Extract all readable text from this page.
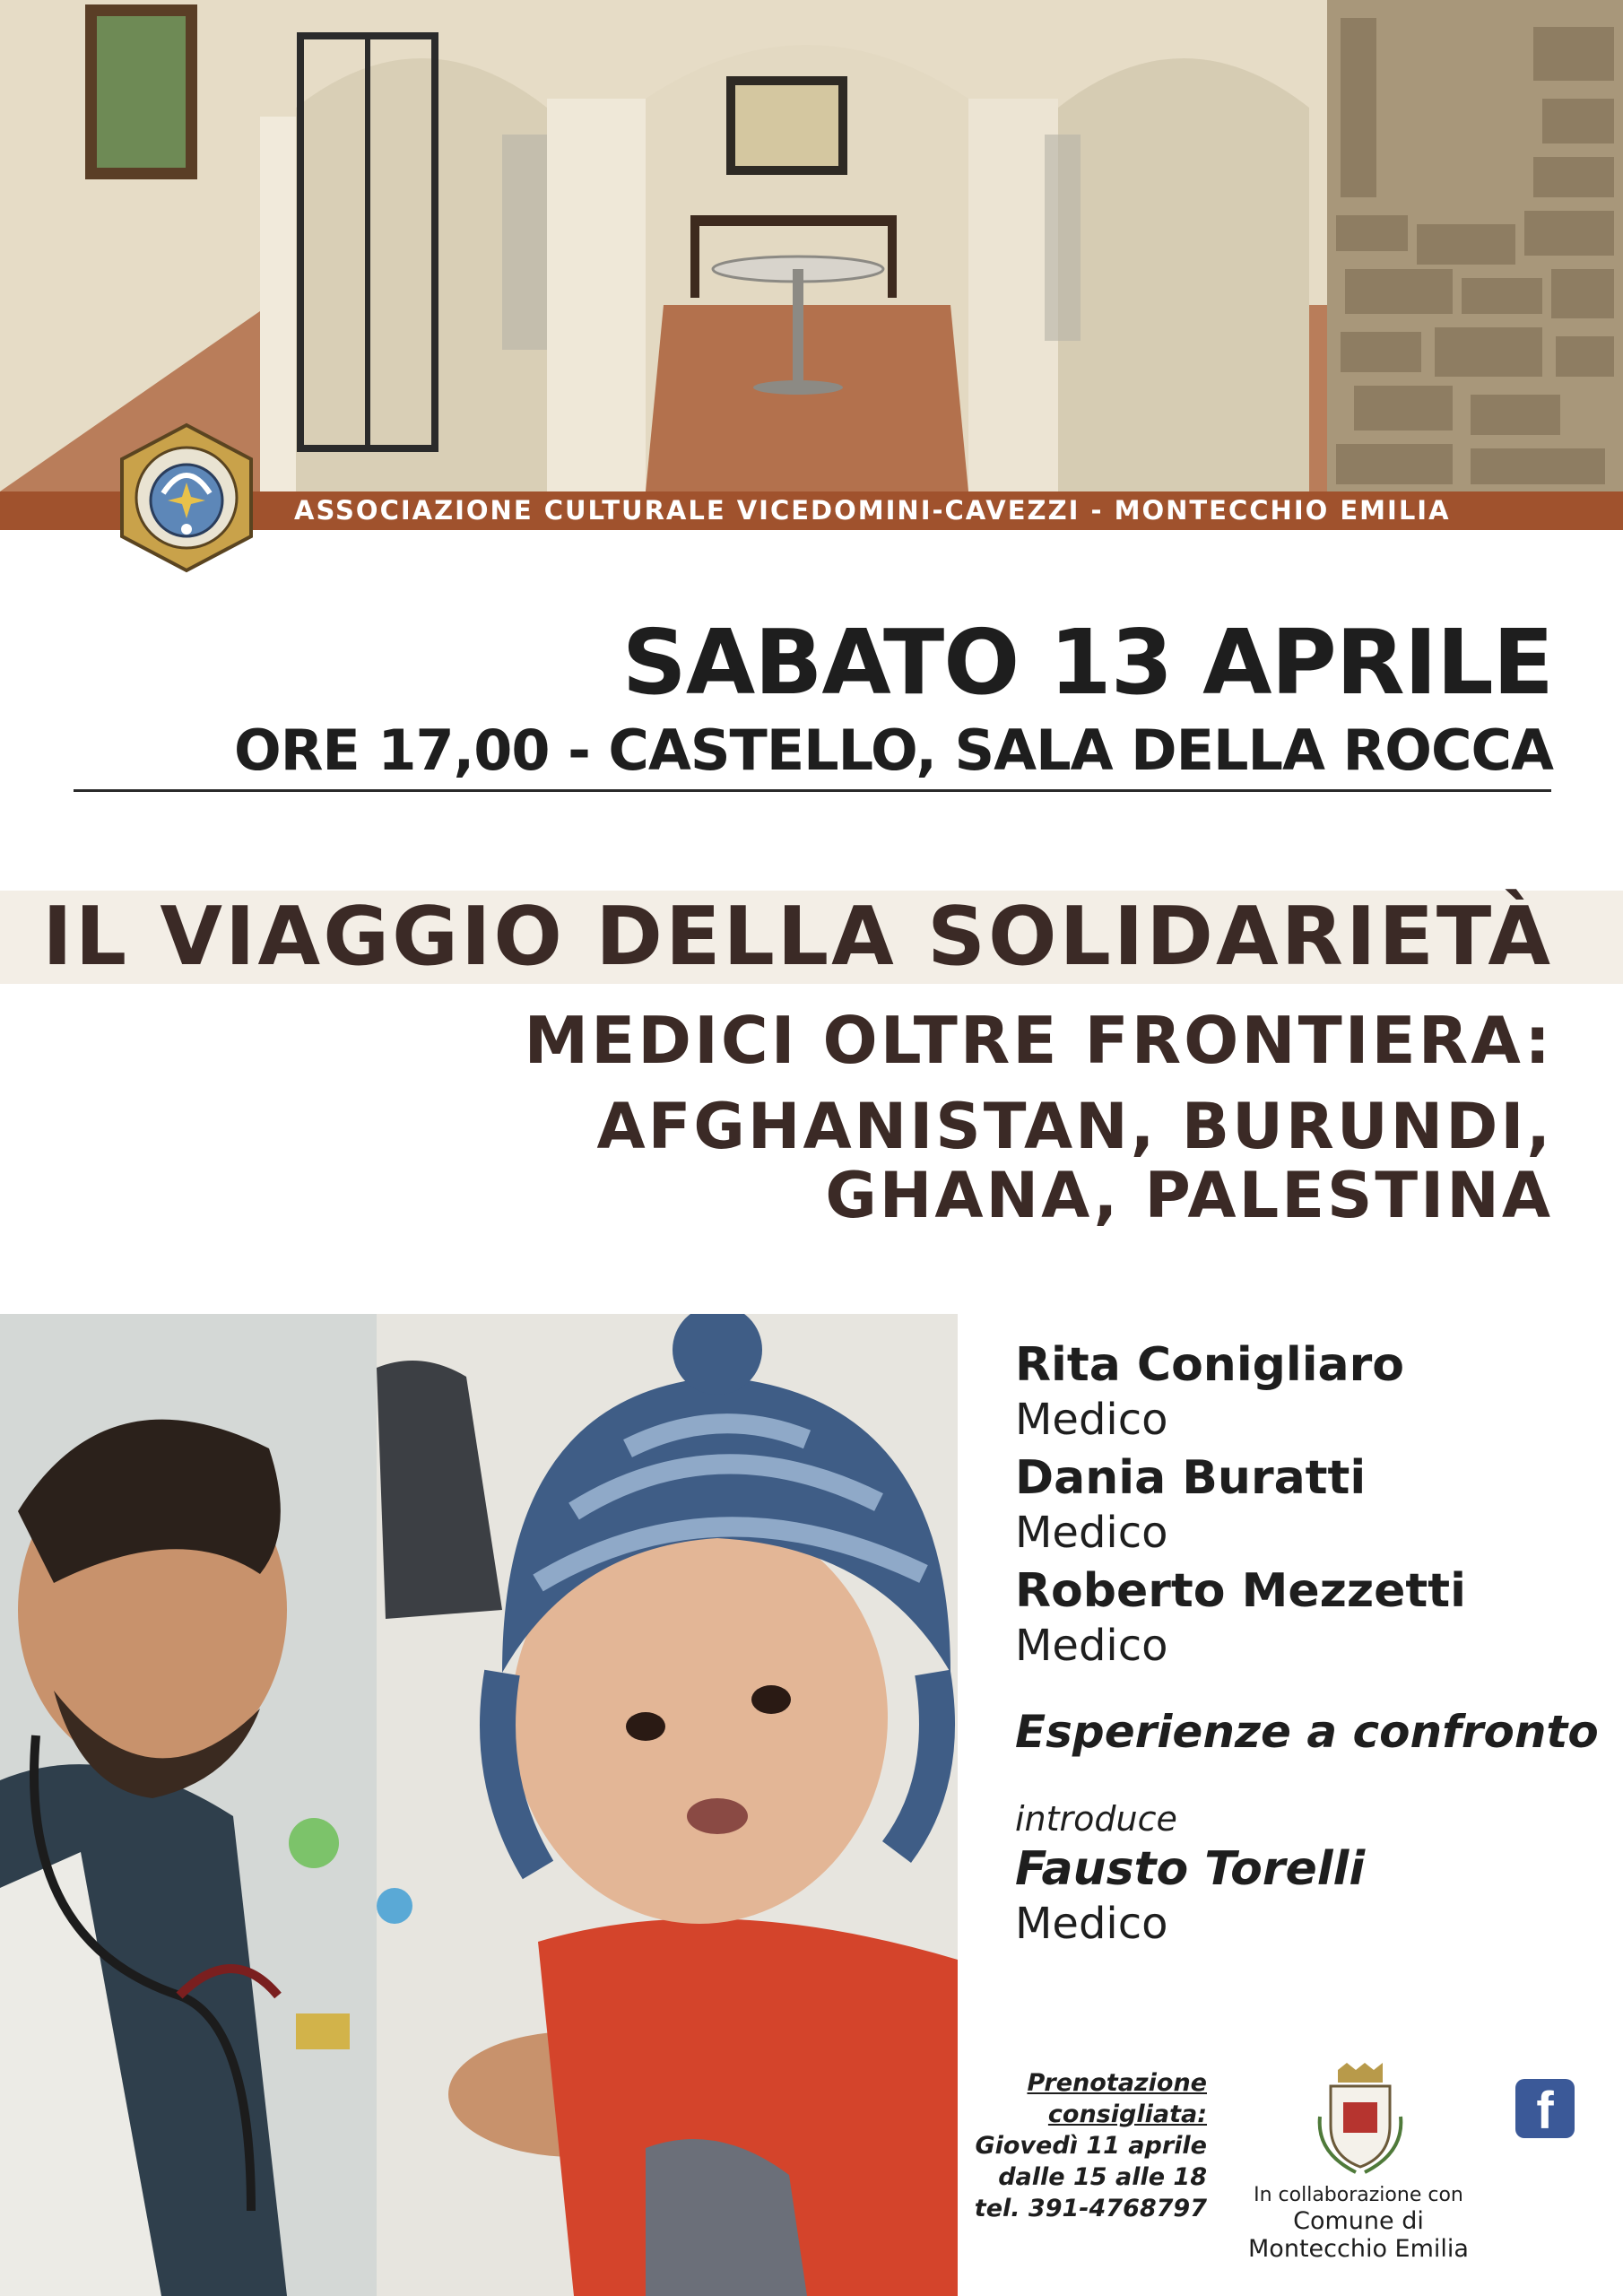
ASSOCIAZIONE CULTURALE VICEDOMINI-CAVEZZI - MONTECCHIO EMILIA
SABATO 13 APRILE
ORE 17,00 - CASTELLO, SALA DELLA ROCCA
IL VIAGGIO DELLA SOLIDARIETÀ
MEDICI OLTRE FRONTIERA:
AFGHANISTAN, BURUNDI,
GHANA, PALESTINA
Rita Conigliaro
Medico
Dania Buratti
Medico
Roberto Mezzetti
Medico
Esperienze a confronto
introduce
Fausto Torelli
Medico
Prenotazione
consigliata:
Giovedì 11 aprile
dalle 15 alle 18
tel. 391-4768797	In collaborazione con
Comune di
Montecchio Emilia
f
